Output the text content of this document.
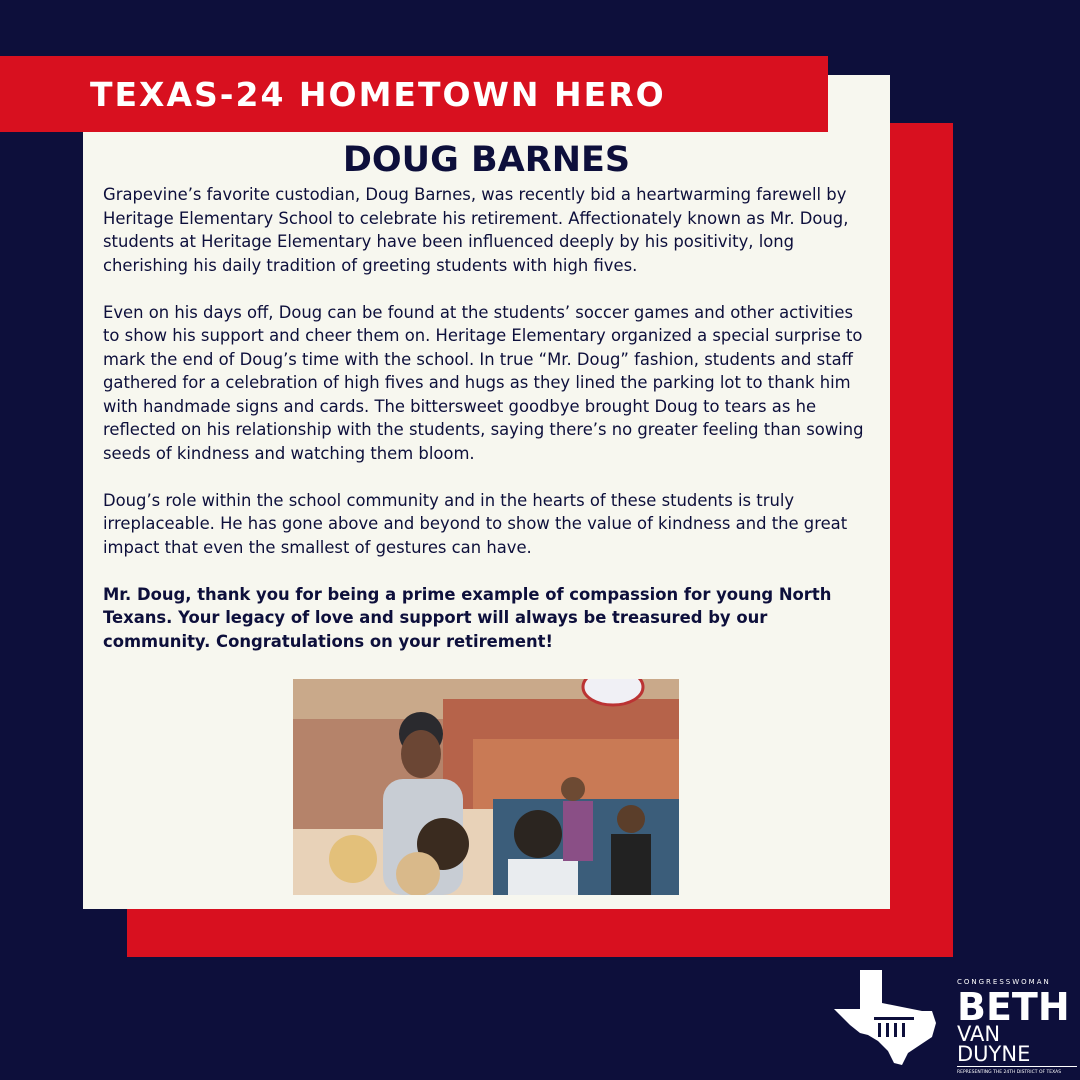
TEXAS-24 HOMETOWN HERO
DOUG BARNES

Grapevine’s favorite custodian, Doug Barnes, was recently bid a heartwarming farewell by Heritage Elementary School to celebrate his retirement. Affectionately known as Mr. Doug, students at Heritage Elementary have been influenced deeply by his positivity, long cherishing his daily tradition of greeting students with high fives.

Even on his days off, Doug can be found at the students’ soccer games and other activities to show his support and cheer them on. Heritage Elementary organized a special surprise to mark the end of Doug’s time with the school. In true “Mr. Doug” fashion, students and staff gathered for a celebration of high fives and hugs as they lined the parking lot to thank him with handmade signs and cards. The bittersweet goodbye brought Doug to tears as he reflected on his relationship with the students, saying there’s no greater feeling than sowing seeds of kindness and watching them bloom.

Doug’s role within the school community and in the hearts of these students is truly irreplaceable. He has gone above and beyond to show the value of kindness and the great impact that even the smallest of gestures can have.

Mr. Doug, thank you for being a prime example of compassion for young North Texans. Your legacy of love and support will always be treasured by our community. Congratulations on your retirement!

CONGRESSWOMAN
BETH
VAN DUYNE
REPRESENTING THE 24TH DISTRICT OF TEXAS
